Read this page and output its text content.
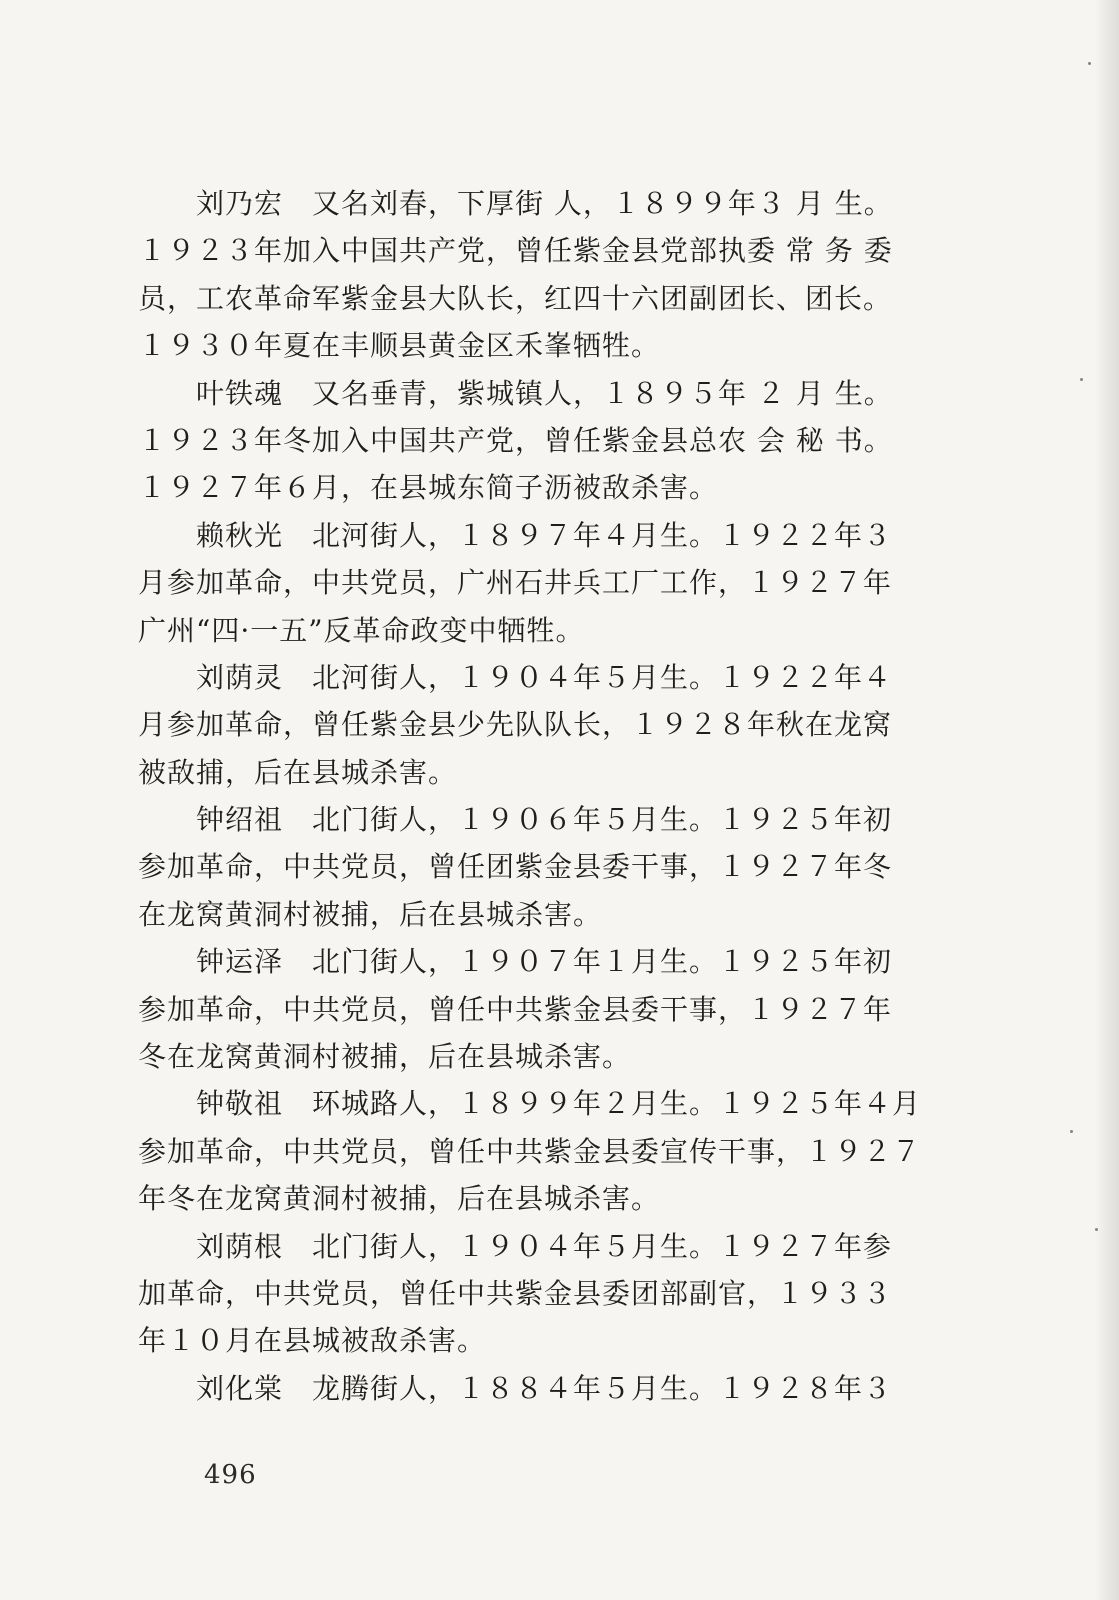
刘乃宏　又名刘春，下厚街 人，１８９９年３ 月 生。
１９２３年加入中国共产党，曾任紫金县党部执委 常 务 委
员，工农革命军紫金县大队长，红四十六团副团长、团长。
１９３０年夏在丰顺县黄金区禾峯牺牲。
叶铁魂　又名垂青，紫城镇人，１８９５年 ２ 月 生。
１９２３年冬加入中国共产党，曾任紫金县总农 会 秘 书。
１９２７年６月，在县城东简子沥被敌杀害。
赖秋光　北河街人，１８９７年４月生。１９２２年３
月参加革命，中共党员，广州石井兵工厂工作，１９２７年
广州“四·一五”反革命政变中牺牲。
刘荫灵　北河街人，１９０４年５月生。１９２２年４
月参加革命，曾任紫金县少先队队长，１９２８年秋在龙窝
被敌捕，后在县城杀害。
钟绍祖　北门街人，１９０６年５月生。１９２５年初
参加革命，中共党员，曾任团紫金县委干事，１９２７年冬
在龙窝黄洞村被捕，后在县城杀害。
钟运泽　北门街人，１９０７年１月生。１９２５年初
参加革命，中共党员，曾任中共紫金县委干事，１９２７年
冬在龙窝黄洞村被捕，后在县城杀害。
钟敬祖　环城路人，１８９９年２月生。１９２５年４月
参加革命，中共党员，曾任中共紫金县委宣传干事，１９２７
年冬在龙窝黄洞村被捕，后在县城杀害。
刘荫根　北门街人，１９０４年５月生。１９２７年参
加革命，中共党员，曾任中共紫金县委团部副官，１９３３
年１０月在县城被敌杀害。
刘化棠　龙腾街人，１８８４年５月生。１９２８年３
496
